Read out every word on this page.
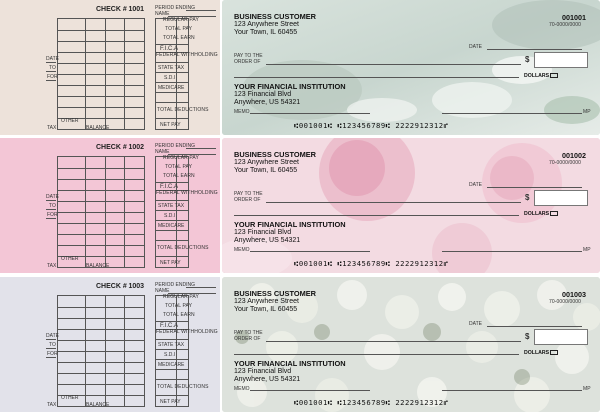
CHECK # 1001 PERIOD ENDING
NAME
DATE
TO
FOR
TAX
OTHER
BALANCE
REGULAR PAY
TOTAL PAY
TOTAL EARN
F.I.C.A
FEDERAL WITHHOLDING
STATE TAX
S.D.I
MEDICARE
TOTAL DEDUCTIONS
NET PAY
BUSINESS CUSTOMER
123 Anywhere Street
Your Town, IL 60455
001001
70-0000/0000
DATE
PAY TO THE
ORDER OF	$
DOLLARS
YOUR FINANCIAL INSTITUTION
123 Financial Blvd
Anywhere, US 54321
MEMO	MP
⑆001001⑆ ⑆123456789⑆ 2222912312⑈
CHECK # 1002 PERIOD ENDING
NAME
DATE
TO
FOR
TAX
OTHER
BALANCE
REGULAR PAY
TOTAL PAY
TOTAL EARN
F.I.C.A
FEDERAL WITHHOLDING
STATE TAX
S.D.I
MEDICARE
TOTAL DEDUCTIONS
NET PAY
BUSINESS CUSTOMER
123 Anywhere Street
Your Town, IL 60455
001002
70-0000/0000
DATE
PAY TO THE
ORDER OF	$
DOLLARS
YOUR FINANCIAL INSTITUTION
123 Financial Blvd
Anywhere, US 54321
MEMO	MP
⑆001001⑆ ⑆123456789⑆ 2222912312⑈
CHECK # 1003 PERIOD ENDING
NAME
DATE
TO
FOR
TAX
OTHER
BALANCE
REGULAR PAY
TOTAL PAY
TOTAL EARN
F.I.C.A
FEDERAL WITHHOLDING
STATE TAX
S.D.I
MEDICARE
TOTAL DEDUCTIONS
NET PAY
BUSINESS CUSTOMER
123 Anywhere Street
Your Town, IL 60455
001003
70-0000/0000
DATE
PAY TO THE
ORDER OF	$
DOLLARS
YOUR FINANCIAL INSTITUTION
123 Financial Blvd
Anywhere, US 54321
MEMO	MP
⑆001001⑆ ⑆123456789⑆ 2222912312⑈
